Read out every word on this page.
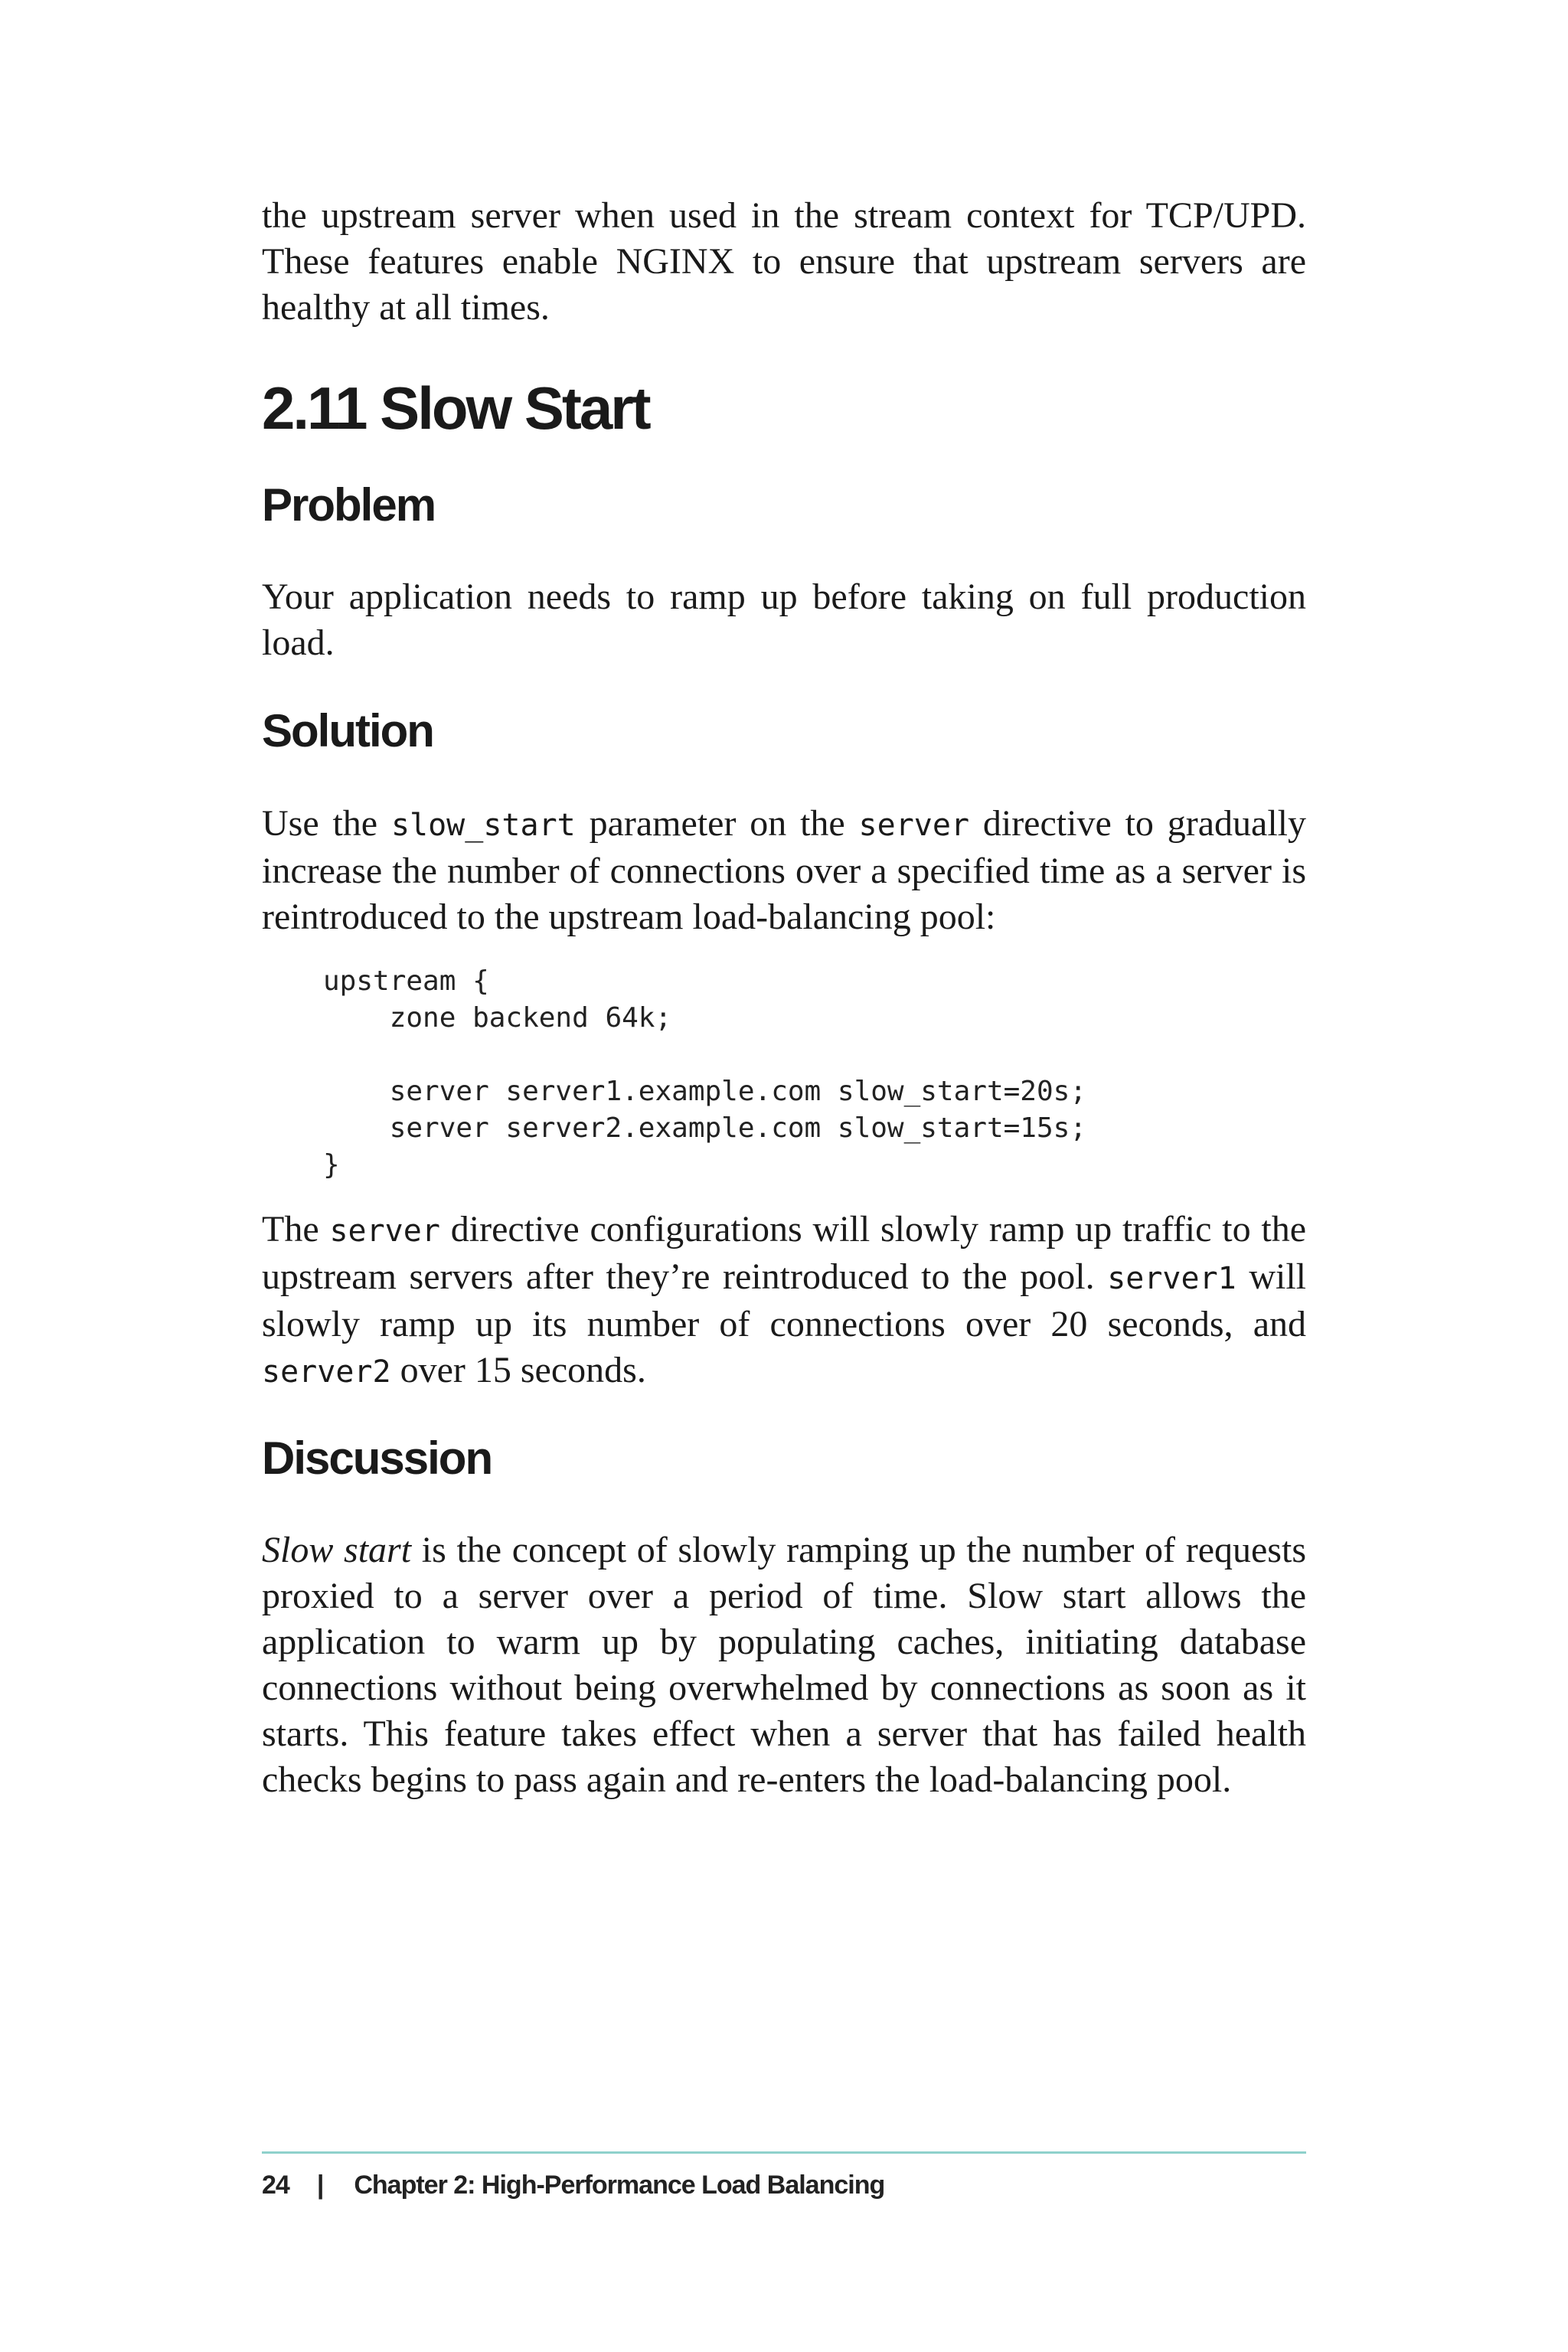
the upstream server when used in the stream context for TCP/UPD. These features enable NGINX to ensure that upstream servers are healthy at all times.

2.11 Slow Start
Problem

Your application needs to ramp up before taking on full production load.

Solution

Use the slow_start parameter on the server directive to gradually increase the number of connections over a specified time as a server is reintroduced to the upstream load-balancing pool:

upstream {
zone backend 64k;

server server1.example.com slow_start=20s;
server server2.example.com slow_start=15s;
}

The server directive configurations will slowly ramp up traffic to the upstream servers after they’re reintroduced to the pool. server1 will slowly ramp up its number of connections over 20 seconds, and server2 over 15 seconds.

Discussion

Slow start is the concept of slowly ramping up the number of requests proxied to a server over a period of time. Slow start allows the application to warm up by populating caches, initiating database connections without being overwhelmed by connections as soon as it starts. This feature takes effect when a server that has failed health checks begins to pass again and re-enters the load-balancing pool.

24 | Chapter 2: High-Performance Load Balancing
